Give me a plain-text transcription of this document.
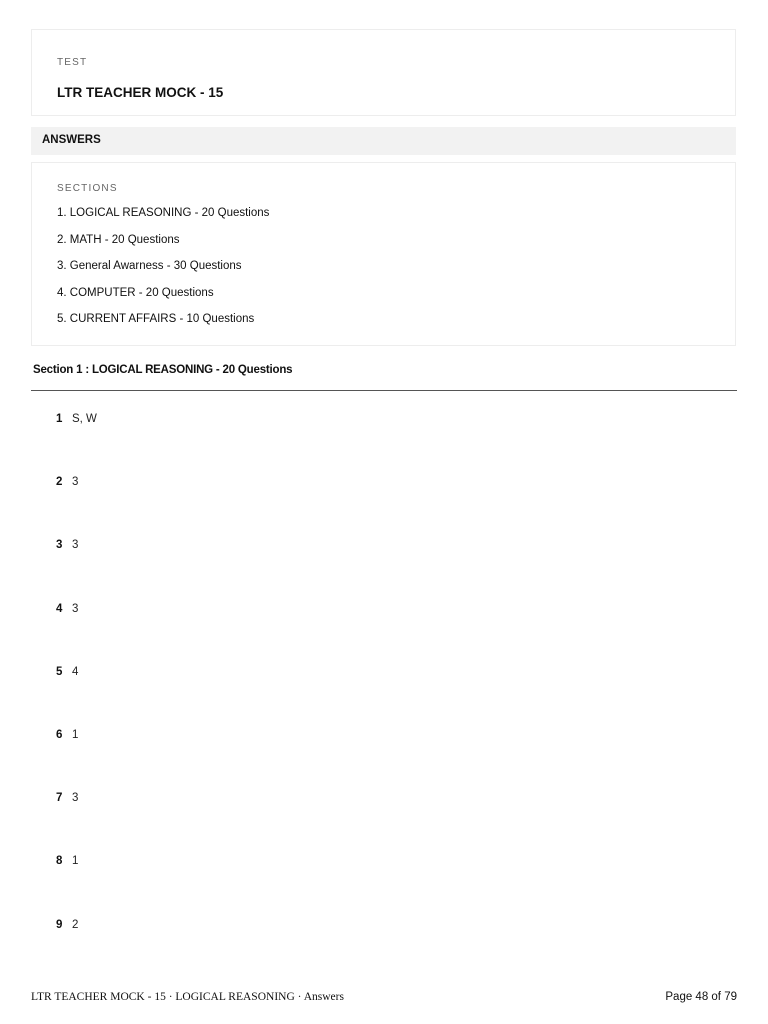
TEST
LTR TEACHER MOCK - 15
ANSWERS
SECTIONS
1. LOGICAL REASONING - 20 Questions
2. MATH - 20 Questions
3. General Awarness - 30 Questions
4. COMPUTER - 20 Questions
5. CURRENT AFFAIRS - 10 Questions
Section 1 : LOGICAL REASONING - 20 Questions
1 S, W
2 3
3 3
4 3
5 4
6 1
7 3
8 1
9 2
LTR TEACHER MOCK - 15 · LOGICAL REASONING · Answers	Page 48 of 79
